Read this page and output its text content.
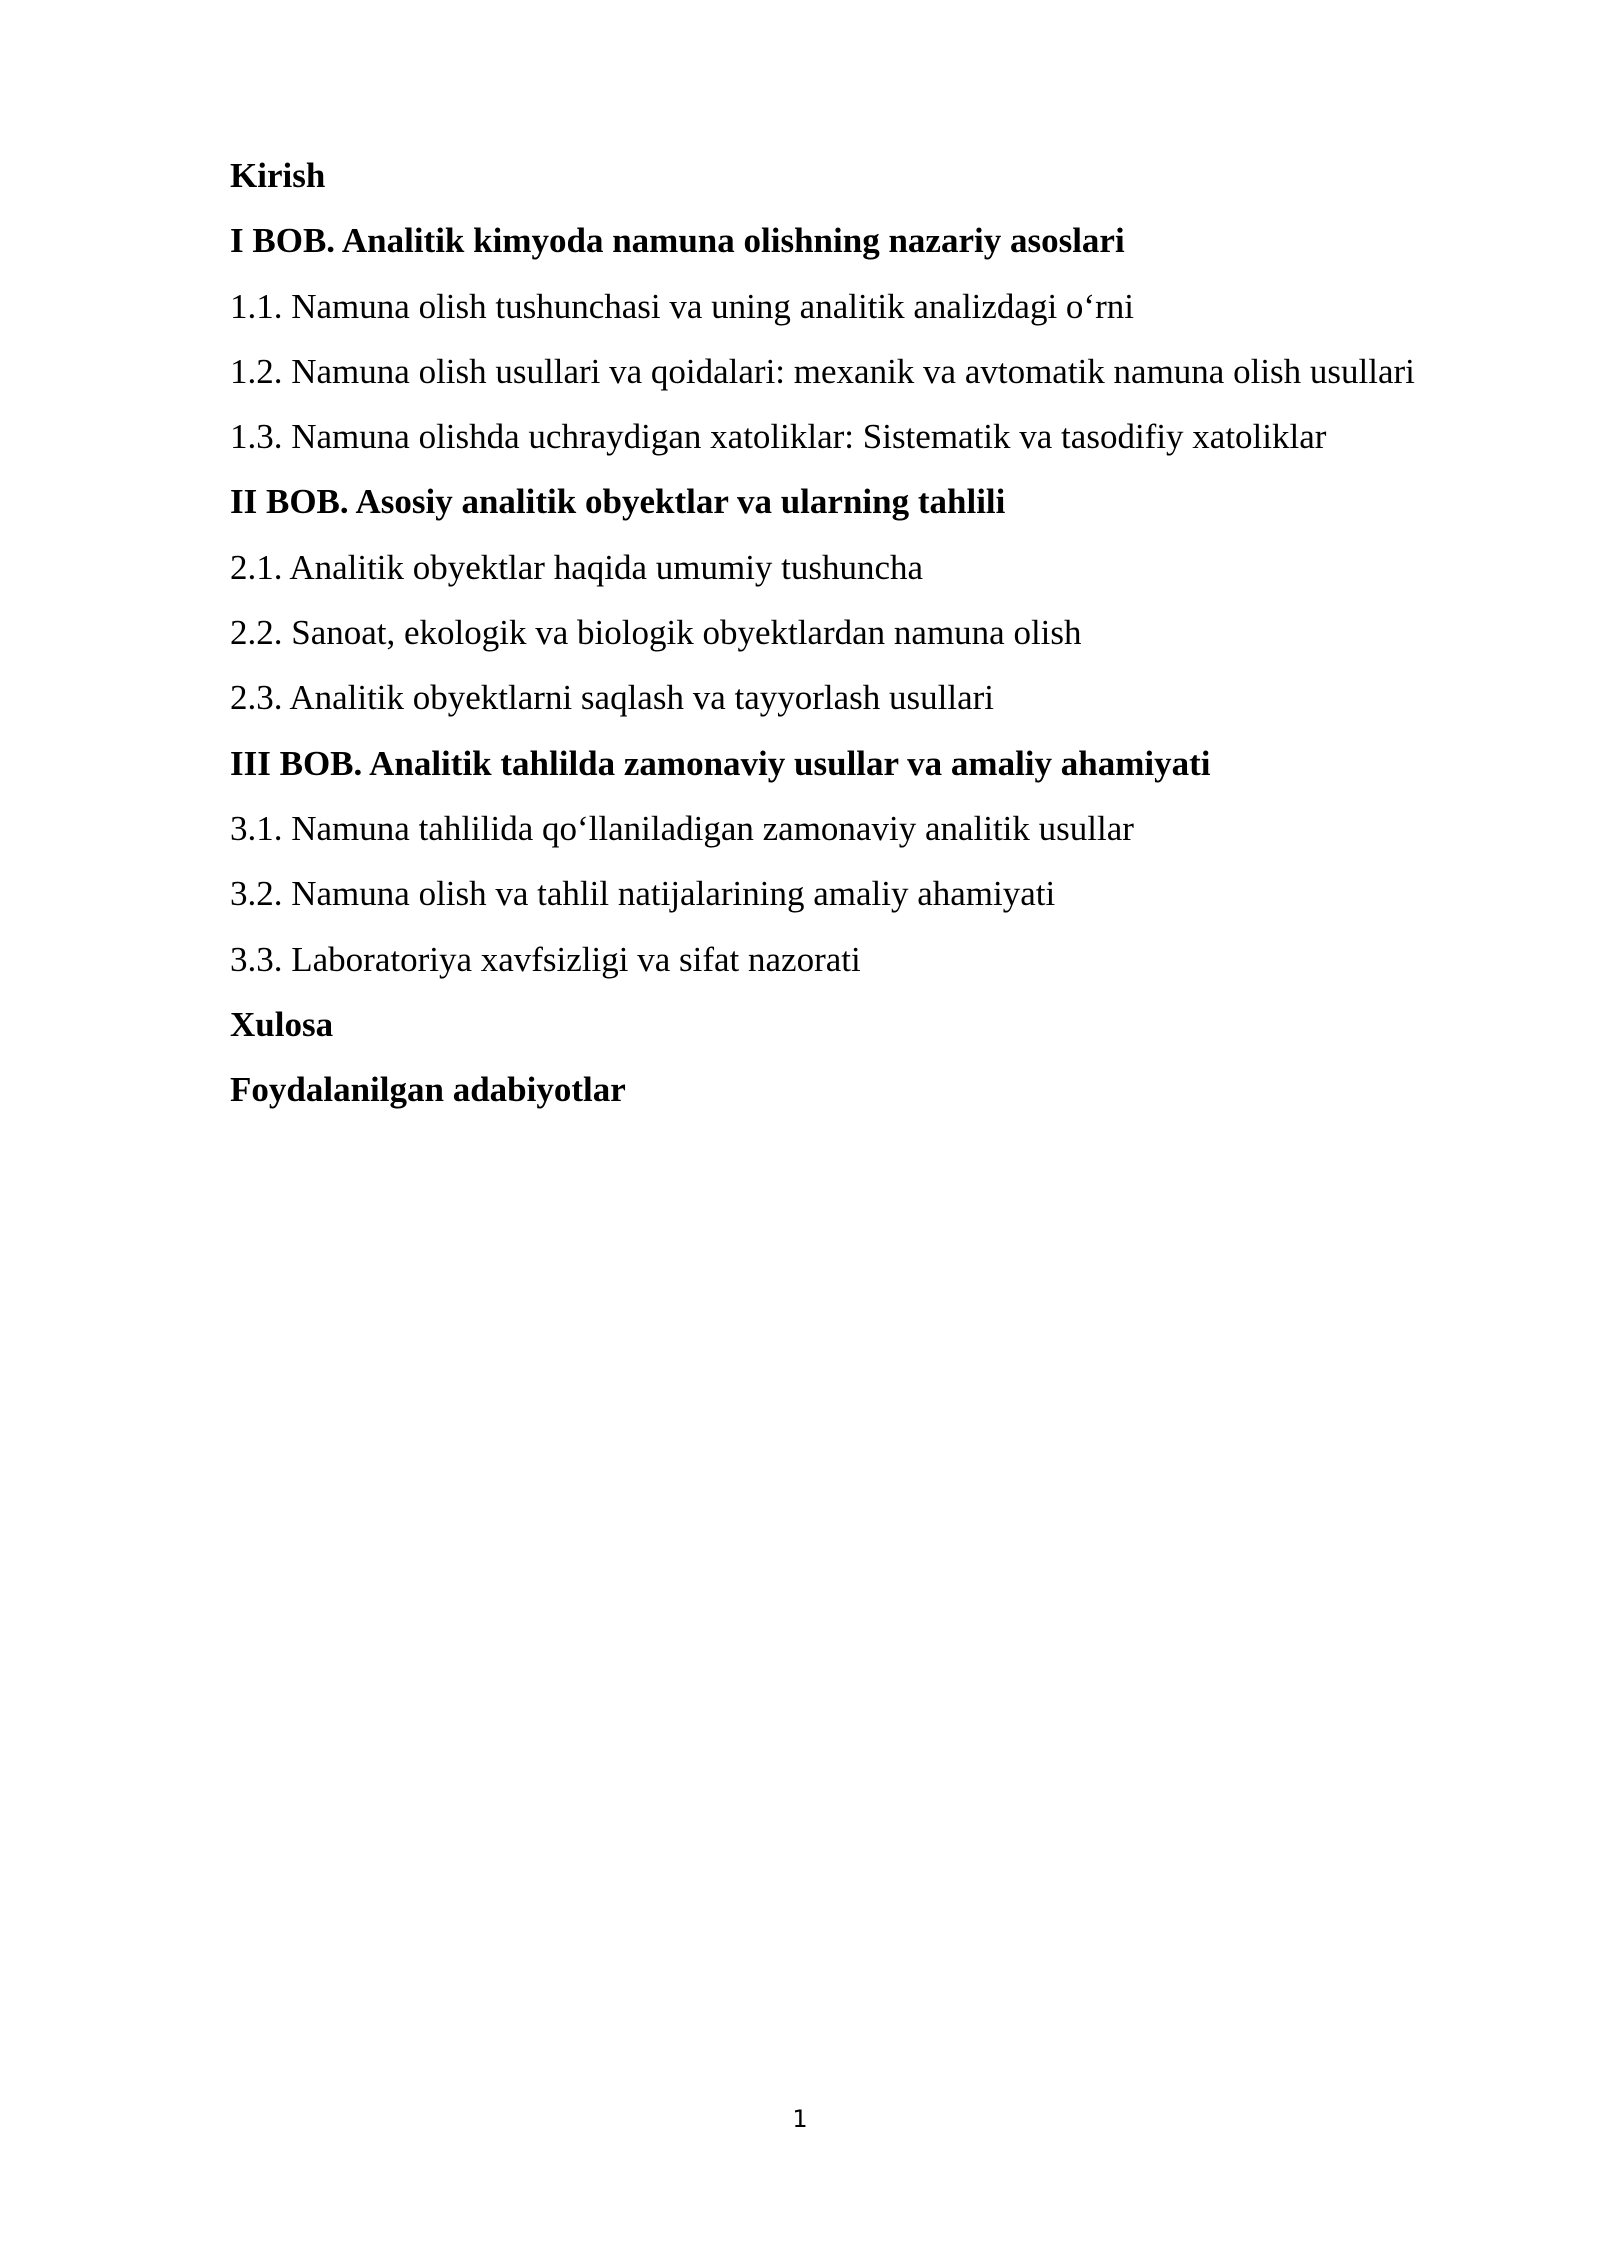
Kirish

I BOB. Analitik kimyoda namuna olishning nazariy asoslari

1.1. Namuna olish tushunchasi va uning analitik analizdagi o‘rni

1.2. Namuna olish usullari va qoidalari: mexanik va avtomatik namuna olish usullari

1.3. Namuna olishda uchraydigan xatoliklar: Sistematik va tasodifiy xatoliklar

II BOB. Asosiy analitik obyektlar va ularning tahlili

2.1. Analitik obyektlar haqida umumiy tushuncha

2.2. Sanoat, ekologik va biologik obyektlardan namuna olish

2.3. Analitik obyektlarni saqlash va tayyorlash usullari

III BOB. Analitik tahlilda zamonaviy usullar va amaliy ahamiyati

3.1. Namuna tahlilida qo‘llaniladigan zamonaviy analitik usullar

3.2. Namuna olish va tahlil natijalarining amaliy ahamiyati

3.3. Laboratoriya xavfsizligi va sifat nazorati

Xulosa

Foydalanilgan adabiyotlar

1
